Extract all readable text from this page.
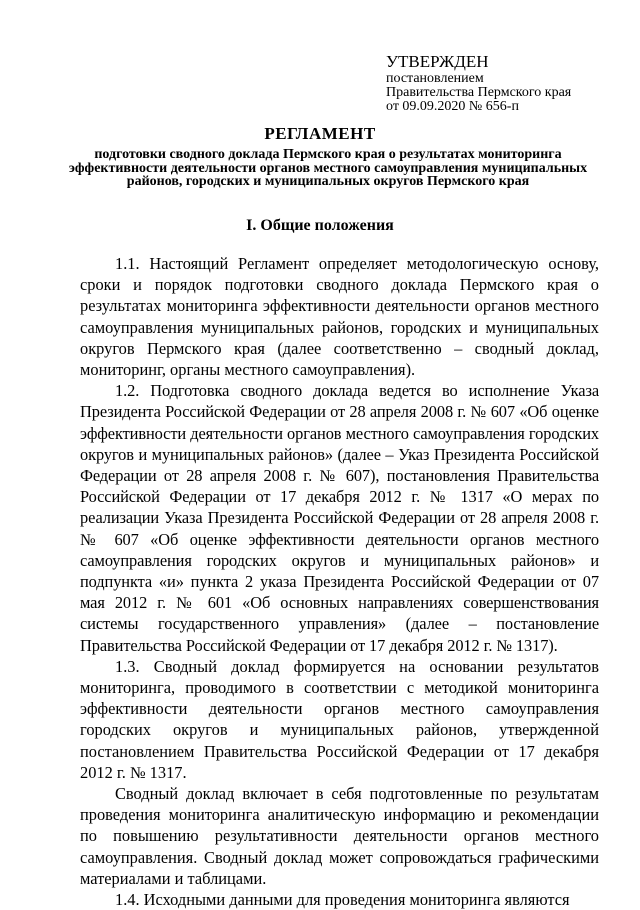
УТВЕРЖДЕН
постановлением
Правительства Пермского края
от 09.09.2020 № 656-п
РЕГЛАМЕНТ
подготовки сводного доклада Пермского края о результатах мониторинга эффективности деятельности органов местного самоуправления муниципальных районов, городских и муниципальных округов Пермского края
I. Общие положения

1.1. Настоящий Регламент определяет методологическую основу, сроки и порядок подготовки сводного доклада Пермского края о результатах мониторинга эффективности деятельности органов местного самоуправления муниципальных районов, городских и муниципальных округов Пермского края (далее соответственно – сводный доклад, мониторинг, органы местного самоуправления).

1.2. Подготовка сводного доклада ведется во исполнение Указа Президента Российской Федерации от 28 апреля 2008 г. № 607 «Об оценке эффективности деятельности органов местного самоуправления городских округов и муниципальных районов» (далее – Указ Президента Российской Федерации от 28 апреля 2008 г. № 607), постановления Правительства Российской Федерации от 17 декабря 2012 г. № 1317 «О мерах по реализации Указа Президента Российской Федерации от 28 апреля 2008 г. № 607 «Об оценке эффективности деятельности органов местного самоуправления городских округов и муниципальных районов» и подпункта «и» пункта 2 указа Президента Российской Федерации от 07 мая 2012 г. № 601 «Об основных направлениях совершенствования системы государственного управления» (далее – постановление Правительства Российской Федерации от 17 декабря 2012 г. № 1317).

1.3. Сводный доклад формируется на основании результатов мониторинга, проводимого в соответствии с методикой мониторинга эффективности деятельности органов местного самоуправления городских округов и муниципальных районов, утвержденной постановлением Правительства Российской Федерации от 17 декабря 2012 г. № 1317.

Сводный доклад включает в себя подготовленные по результатам проведения мониторинга аналитическую информацию и рекомендации по повышению результативности деятельности органов местного самоуправления. Сводный доклад может сопровождаться графическими материалами и таблицами.

1.4. Исходными данными для проведения мониторинга являются
